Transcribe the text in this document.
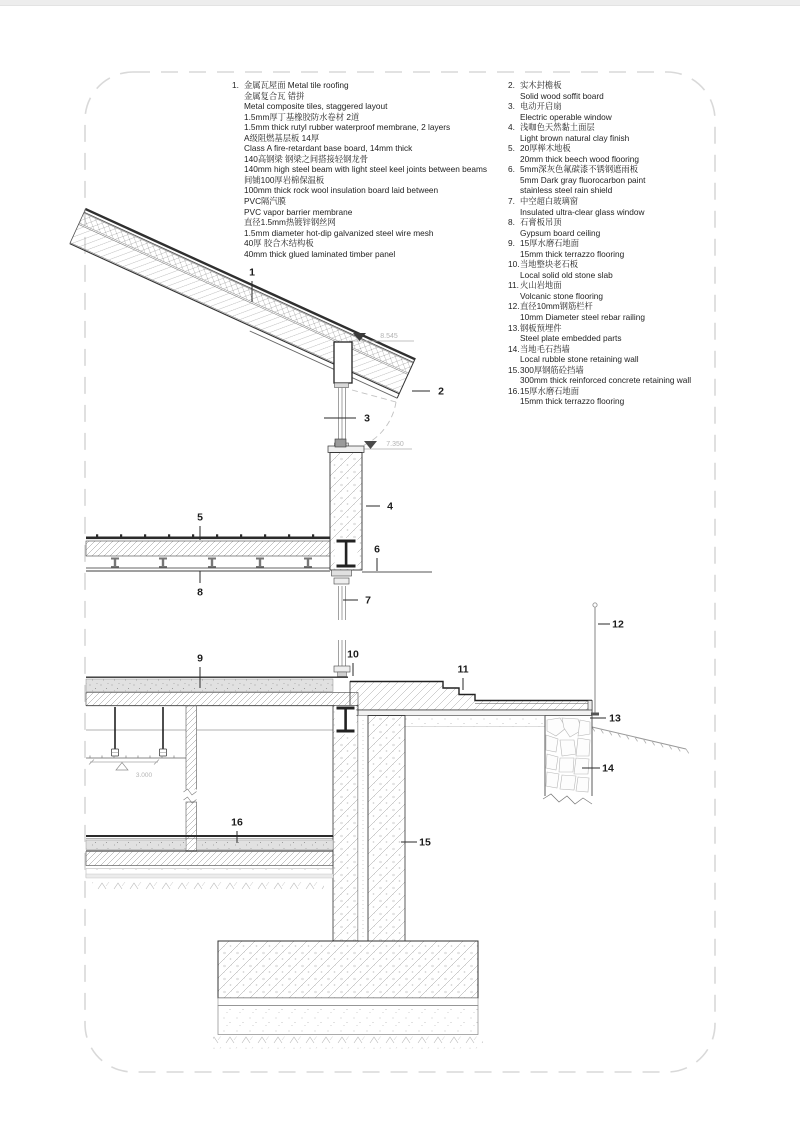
8.545
7.350
3.000
1
2
3
4
5
6
7
8
9	10
11
12
13
14
15
16
1. 金属瓦屋面 Metal tile roofing
金属复合瓦 错拼
Metal composite tiles, staggered layout
1.5mm厚丁基橡胶防水卷材 2道
1.5mm thick rutyl rubber waterproof membrane, 2 layers
A级阻燃基层板 14厚
Class A fire-retardant base board, 14mm thick
140高钢梁 钢梁之间搭接轻钢龙骨
140mm high steel beam with light steel keel joints between beams
间铺100厚岩棉保温板
100mm thick rock wool insulation board laid between
PVC隔汽膜
PVC vapor barrier membrane
直径1.5mm热镀锌钢丝网
1.5mm diameter hot-dip galvanized steel wire mesh
40厚 胶合木结构板
40mm thick glued laminated timber panel
2. 实木封檐板
Solid wood soffit board
3. 电动开启扇
Electric operable window
4. 浅咖色天然黏土面层
Light brown natural clay finish
5. 20厚榉木地板
20mm thick beech wood flooring
6. 5mm深灰色氟碳漆不锈钢遮雨板
5mm Dark gray fluorocarbon paint
stainless steel rain shield
7. 中空超白玻璃窗
Insulated ultra-clear glass window
8. 石膏板吊顶
Gypsum board ceiling
9. 15厚水磨石地面
15mm thick terrazzo flooring
10. 当地整块老石板
Local solid old stone slab
11. 火山岩地面
Volcanic stone flooring
12. 直径10mm钢筋栏杆
10mm Diameter steel rebar railing
13. 钢板预埋件
Steel plate embedded parts
14. 当地毛石挡墙
Local rubble stone retaining wall
15. 300厚钢筋砼挡墙
300mm thick reinforced concrete retaining wall
16. 15厚水磨石地面
15mm thick terrazzo flooring
